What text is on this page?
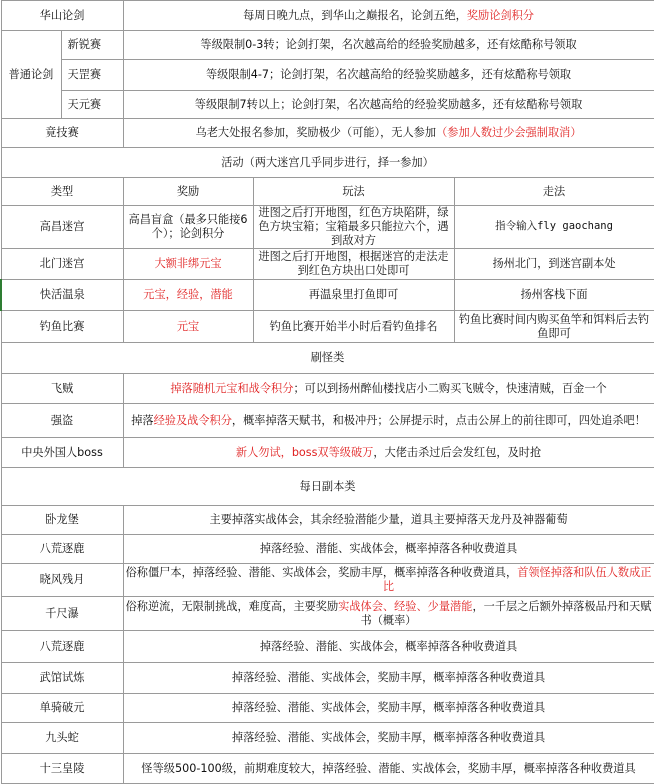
华山论剑		每周日晚九点，到华山之巅报名，论剑五绝，奖励论剑积分		
普通论剑	新锐赛	等级限制0-3转；论剑打架，名次越高给的经验奖励越多，还有炫酷称号领取		
	天罡赛	等级限制4-7；论剑打架，名次越高给的经验奖励越多，还有炫酷称号领取		
	天元赛	等级限制7转以上；论剑打架，名次越高给的经验奖励越多，还有炫酷称号领取		
竟技赛		乌老大处报名参加，奖励极少（可能），无人参加（参加人数过少会强制取消）		
活动（两大迷宫几乎同步进行，择一参加）				
类型		奖励	玩法	走法
高昌迷宫		高昌盲盒（最多只能接6个）；论剑积分	进图之后打开地图，红色方块陷阱，绿色方块宝箱；宝箱最多只能拉六个，遇到敌对方	指令输入fly gaochang
北门迷宫		大额非绑元宝	进图之后打开地图，根据迷宫的走法走到红色方块出口处即可	扬州北门，到迷宫副本处
快活温泉		元宝，经验，潜能	再温泉里打鱼即可	扬州客栈下面
钓鱼比赛		元宝	钓鱼比赛开始半小时后看钓鱼排名	钓鱼比赛时间内购买鱼竿和饵料后去钓鱼即可
刷怪类				
飞贼		掉落随机元宝和战令积分；可以到扬州醉仙楼找店小二购买飞贼令，快速清贼，百金一个		
强盗		掉落经验及战令积分，概率掉落天赋书，和极冲丹；公屏提示时，点击公屏上的前往即可，四处追杀吧！		
中央外国人boss		新人勿试，boss双等级破万，大佬击杀过后会发红包，及时抢		
每日副本类				
卧龙堡		主要掉落实战体会，其余经验潜能少量，道具主要掉落天龙丹及神器葡萄		
八荒逐鹿		掉落经验、潜能、实战体会，概率掉落各种收费道具		
晓风残月		俗称僵尸本，掉落经验、潜能、实战体会，奖励丰厚，概率掉落各种收费道具，首领怪掉落和队伍人数成正比		
千尺瀑		俗称逆流，无限制挑战，难度高，主要奖励实战体会、经验、少量潜能，一千层之后额外掉落极品丹和天赋书（概率）		
八荒逐鹿		掉落经验、潜能、实战体会，概率掉落各种收费道具		
武馆试炼		掉落经验、潜能、实战体会，奖励丰厚，概率掉落各种收费道具		
单骑破元		掉落经验、潜能、实战体会，奖励丰厚，概率掉落各种收费道具		
九头蛇		掉落经验、潜能、实战体会，奖励丰厚，概率掉落各种收费道具		
十三皇陵		怪等级500-100级，前期难度较大，掉落经验、潜能、实战体会，奖励丰厚，概率掉落各种收费道具		
